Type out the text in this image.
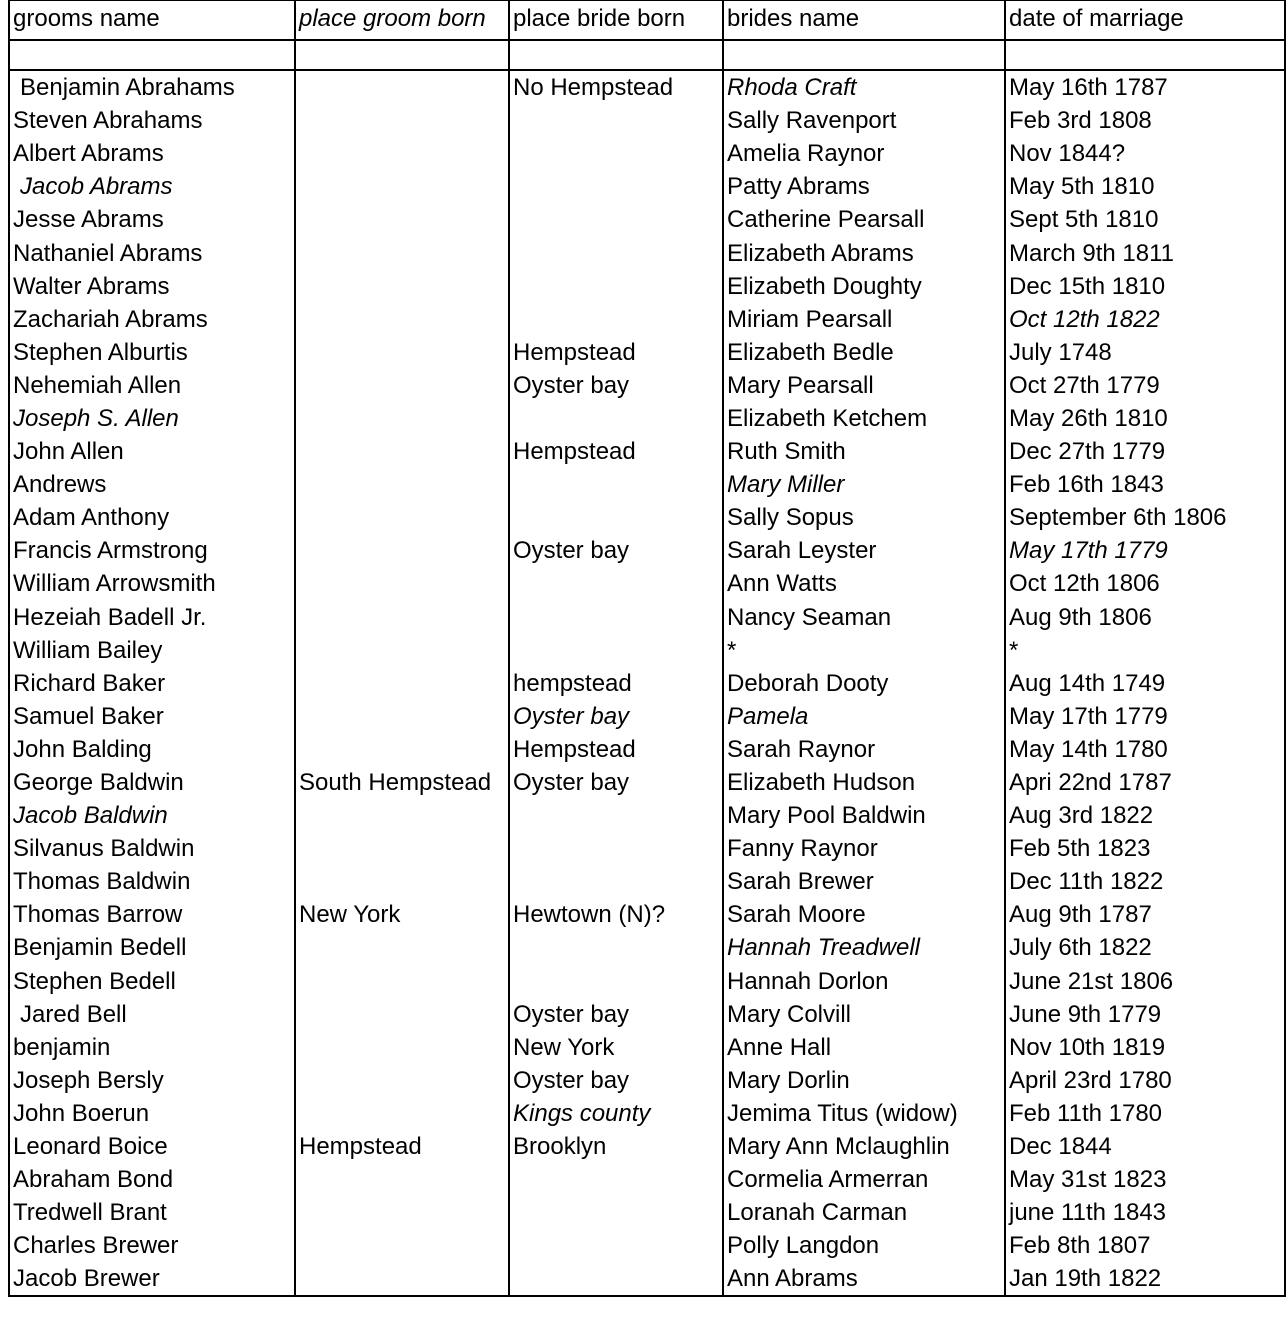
grooms name	place groom born	place bride born	brides name	date of marriage

Benjamin Abrahams		No Hempstead	Rhoda Craft	May 16th 1787
Steven Abrahams			Sally Ravenport	Feb 3rd 1808
Albert Abrams			Amelia Raynor	Nov 1844?
Jacob Abrams			Patty Abrams	May 5th 1810
Jesse Abrams			Catherine Pearsall	Sept 5th 1810
Nathaniel Abrams			Elizabeth Abrams	March 9th 1811
Walter Abrams			Elizabeth Doughty	Dec 15th 1810
Zachariah Abrams			Miriam Pearsall	Oct 12th 1822
Stephen Alburtis		Hempstead	Elizabeth Bedle	July 1748
Nehemiah Allen		Oyster bay	Mary Pearsall	Oct 27th 1779
Joseph S. Allen			Elizabeth Ketchem	May 26th 1810
John Allen		Hempstead	Ruth Smith	Dec 27th 1779
Andrews			Mary Miller	Feb 16th 1843
Adam Anthony			Sally Sopus	September 6th 1806
Francis Armstrong		Oyster bay	Sarah Leyster	May 17th 1779
William Arrowsmith			Ann Watts	Oct 12th 1806
Hezeiah Badell Jr.			Nancy Seaman	Aug 9th 1806
William Bailey			*	*
Richard Baker		hempstead	Deborah Dooty	Aug 14th 1749
Samuel Baker		Oyster bay	Pamela	May 17th 1779
John Balding		Hempstead	Sarah Raynor	May 14th 1780
George Baldwin	South Hempstead	Oyster bay	Elizabeth Hudson	Apri 22nd 1787
Jacob Baldwin			Mary Pool Baldwin	Aug 3rd 1822
Silvanus Baldwin			Fanny Raynor	Feb 5th 1823
Thomas Baldwin			Sarah Brewer	Dec 11th 1822
Thomas Barrow	New York	Hewtown (N)?	Sarah Moore	Aug 9th 1787
Benjamin Bedell			Hannah Treadwell	July 6th 1822
Stephen Bedell			Hannah Dorlon	June 21st 1806
Jared Bell		Oyster bay	Mary Colvill	June 9th 1779
benjamin		New York	Anne Hall	Nov 10th 1819
Joseph Bersly		Oyster bay	Mary Dorlin	April 23rd 1780
John Boerun		Kings county	Jemima Titus (widow)	Feb 11th 1780
Leonard Boice	Hempstead	Brooklyn	Mary Ann Mclaughlin	Dec 1844
Abraham Bond			Cormelia Armerran	May 31st 1823
Tredwell Brant			Loranah Carman	june 11th 1843
Charles Brewer			Polly Langdon	Feb 8th 1807
Jacob Brewer			Ann Abrams	Jan 19th 1822
